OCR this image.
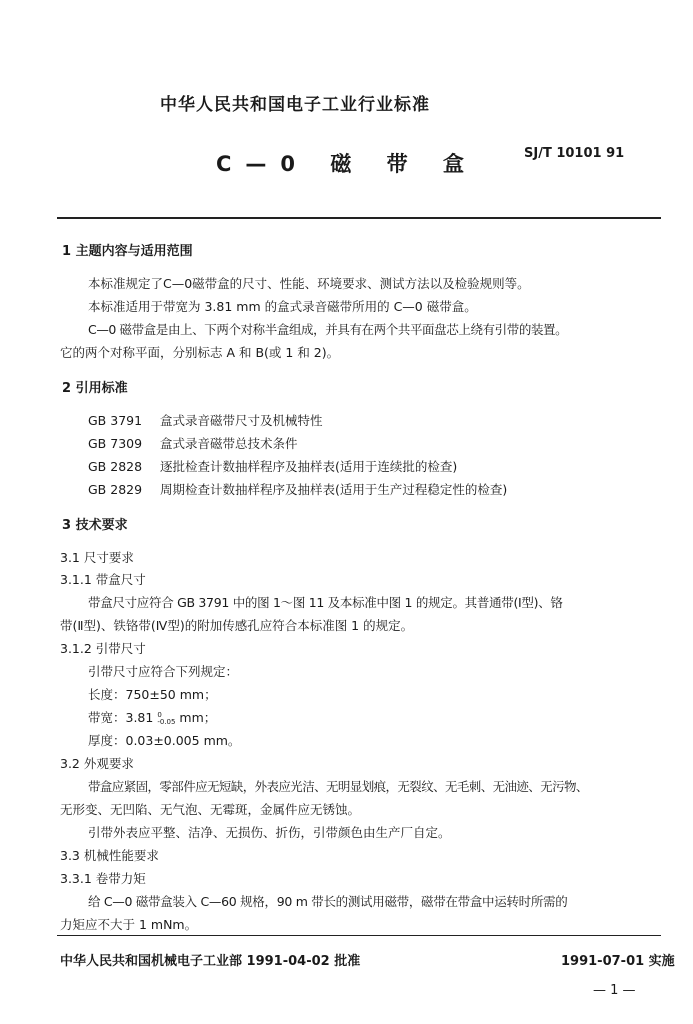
中华人民共和国电子工业行业标准
C—0 磁 带 盒	SJ/T 10101 91
1 主题内容与适用范围
本标准规定了C—0磁带盒的尺寸、性能、环境要求、测试方法以及检验规则等。
本标准适用于带宽为 3.81 mm 的盒式录音磁带所用的 C—0 磁带盒。
C—0 磁带盒是由上、下两个对称半盒组成，并具有在两个共平面盘芯上绕有引带的装置。
它的两个对称平面，分别标志 A 和 B(或 1 和 2)。
2 引用标准
GB 3791 盒式录音磁带尺寸及机械特性
GB 7309 盒式录音磁带总技术条件
GB 2828 逐批检查计数抽样程序及抽样表(适用于连续批的检查)
GB 2829 周期检查计数抽样程序及抽样表(适用于生产过程稳定性的检查)
3 技术要求
3.1 尺寸要求
3.1.1 带盒尺寸
带盒尺寸应符合 GB 3791 中的图 1～图 11 及本标准中图 1 的规定。其普通带(Ⅰ型)、铬
带(Ⅱ型)、铁铬带(Ⅳ型)的附加传感孔应符合本标准图 1 的规定。
3.1.2 引带尺寸
引带尺寸应符合下列规定：
长度：750±50 mm；
带宽：3.81 0
-0.05 mm；
厚度：0.03±0.005 mm。
3.2 外观要求
带盒应紧固，零部件应无短缺，外表应光洁、无明显划痕，无裂纹、无毛刺、无油迹、无污物、
无形变、无凹陷、无气泡、无霉斑，金属件应无锈蚀。
引带外表应平整、洁净、无损伤、折伤，引带颜色由生产厂自定。
3.3 机械性能要求
3.3.1 卷带力矩
给 C—0 磁带盒装入 C—60 规格，90 m 带长的测试用磁带，磁带在带盒中运转时所需的
力矩应不大于 1 mNm。
中华人民共和国机械电子工业部 1991-04-02 批准	1991-07-01 实施
— 1 —
